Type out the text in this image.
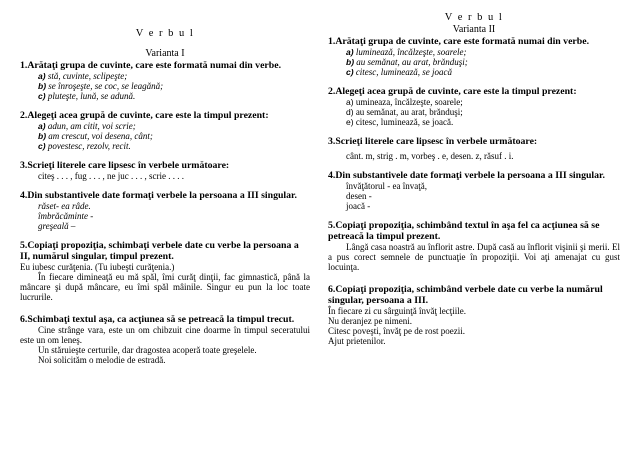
V e r b u l
Varianta I
1.Arătaţi grupa de cuvinte, care este formată numai din verbe.
a) stă, cuvinte, sclipeşte;
b) se înroşeşte, se coc, se leagănă;
c) pluteşte, lună, se adună.
2.Alegeţi acea grupă de cuvinte, care este la timpul prezent:
a) adun, am citit, voi scrie;
b) am crescut, voi desena, cânt;
c) povestesc, rezolv, recit.
3.Scrieţi literele care lipsesc în verbele următoare:
citeş . . . , fug . . . , ne juc . . . , scrie . . . .
4.Din substantivele date formaţi verbele la persoana a III singular.
răset- ea râde.
îmbrăcăminte -
greşeală –
5.Copiaţi propoziţia, schimbaţi verbele date cu verbe la persoana a II, numărul singular, timpul prezent.
Eu iubesc curăţenia. (Tu iubeşti curăţenia.)
În fiecare dimineaţă eu mă spăl, îmi curăţ dinţii, fac gimnastică, până la mâncare şi după mâncare, eu îmi spăl mâinile. Singur eu pun la loc toate lucrurile.
6.Schimbaţi textul aşa, ca acţiunea să se petreacă la timpul trecut.
Cine strânge vara, este un om chibzuit cine doarme în timpul seceratului este un om leneş.
Un stăruieşte certurile, dar dragostea acoperă toate greşelele.
Noi solicităm o melodie de estradă.
V e r b u l
Varianta II
1.Arătaţi grupa de cuvinte, care este formată numai din verbe.
a) luminează, încălzeşte, soarele;
b) au semănat, au arat, brănduşi;
c) citesc, luminează, se joacă
2.Alegeţi acea grupă de cuvinte, care este la timpul prezent:
a) umineaza, încălzeşte, soarele;
d) au semănat, au arat, brănduşi;
e) citesc, luminează, se joacă.
3.Scrieţi literele care lipsesc în verbele următoare:
cânt. m, strig . m, vorbeş . e, desen. z, răsuf . i.
4.Din substantivele date formaţi verbele la persoana a III singular.
învăţătorul - ea învaţă,
desen -
joacă -
5.Copiaţi propoziţia, schimbând textul în aşa fel ca acţiunea să se petreacă la timpul prezent.
Lângă casa noastră au înflorit astre. După casă au înflorit vişinii şi merii. El a pus corect semnele de punctuaţie în propoziţii. Voi aţi amenajat cu gust locuinţa.
6.Copiaţi propoziţia, schimbând verbele date cu verbe la numărul singular, persoana a III.
În fiecare zi cu sârguinţă învăţ lecţiile.
Nu deranjez pe nimeni.
Citesc poveşti, învăţ pe de rost poezii.
Ajut prietenilor.
